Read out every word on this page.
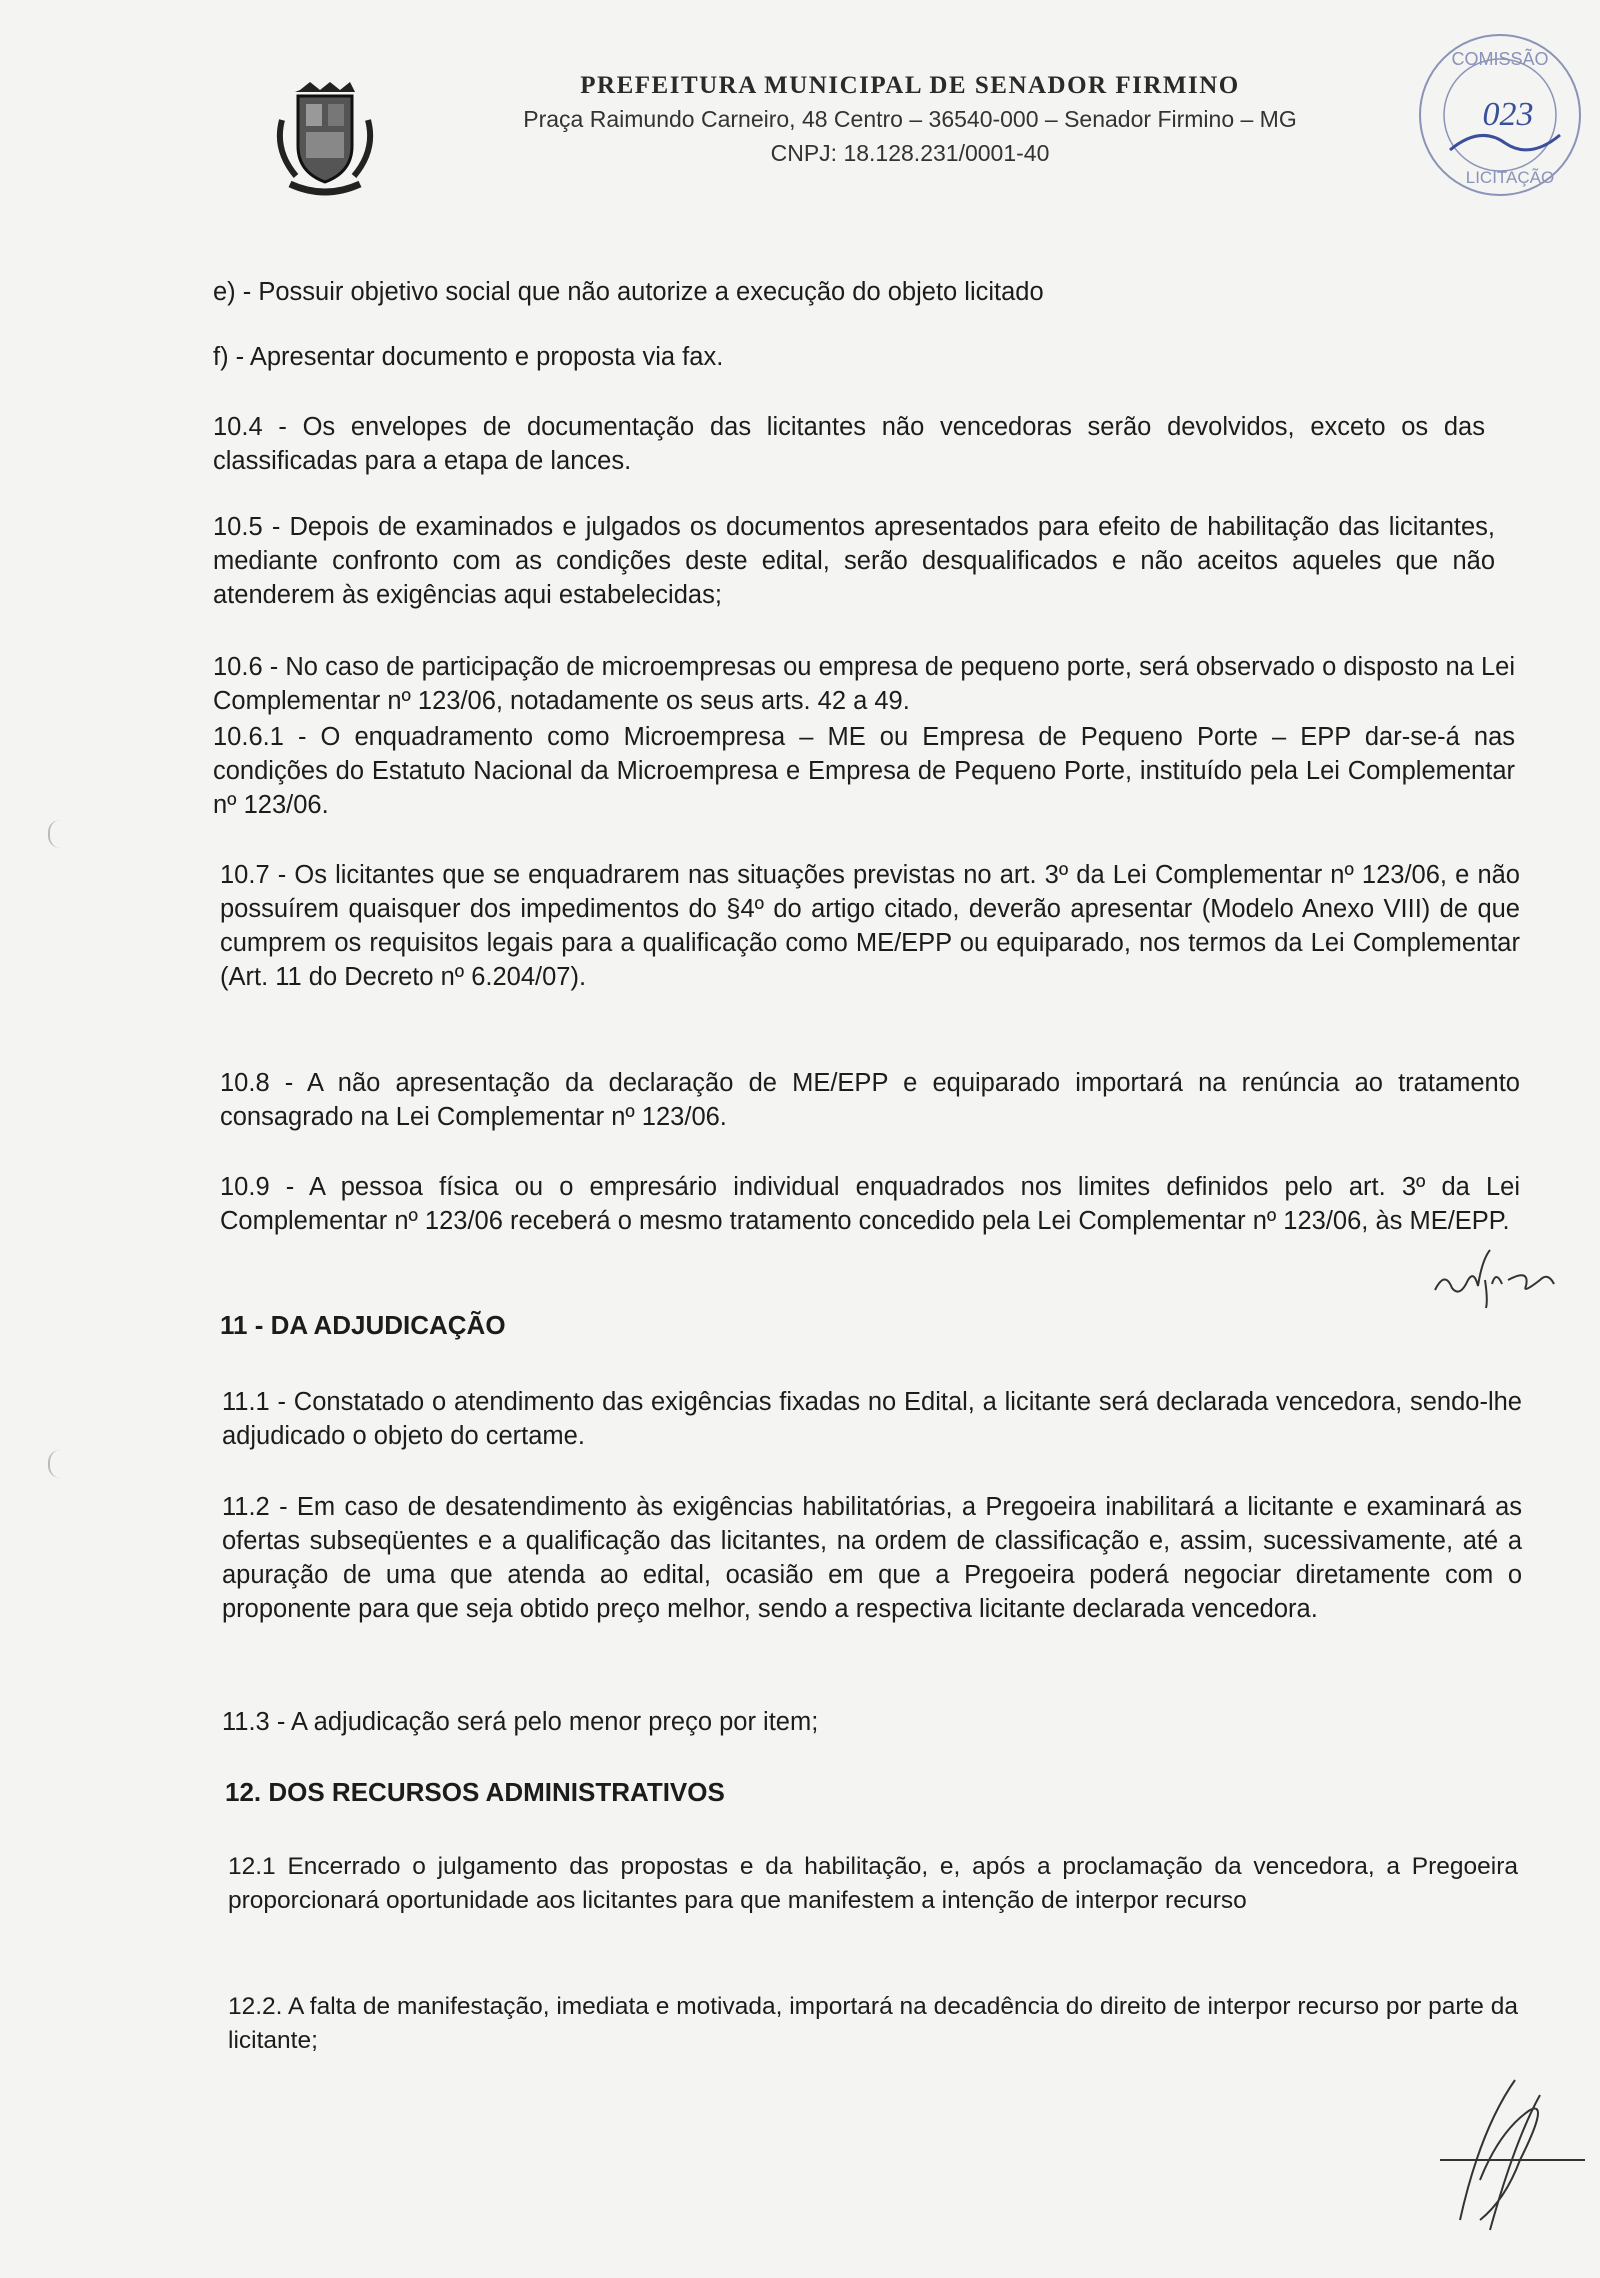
PREFEITURA MUNICIPAL DE SENADOR FIRMINO

Praça Raimundo Carneiro, 48 Centro – 36540-000 – Senador Firmino – MG

CNPJ: 18.128.231/0001-40

COMISSÃO
023
LICITAÇÃO

e) - Possuir objetivo social que não autorize a execução do objeto licitado

f) - Apresentar documento e proposta via fax.

10.4 - Os envelopes de documentação das licitantes não vencedoras serão devolvidos, exceto os das classificadas para a etapa de lances.

10.5 - Depois de examinados e julgados os documentos apresentados para efeito de habilitação das licitantes, mediante confronto com as condições deste edital, serão desqualificados e não aceitos aqueles que não atenderem às exigências aqui estabelecidas;

10.6 - No caso de participação de microempresas ou empresa de pequeno porte, será observado o disposto na Lei Complementar nº 123/06, notadamente os seus arts. 42 a 49.

10.6.1 - O enquadramento como Microempresa – ME ou Empresa de Pequeno Porte – EPP dar-se-á nas condições do Estatuto Nacional da Microempresa e Empresa de Pequeno Porte, instituído pela Lei Complementar nº 123/06.

10.7 - Os licitantes que se enquadrarem nas situações previstas no art. 3º da Lei Complementar nº 123/06, e não possuírem quaisquer dos impedimentos do §4º do artigo citado, deverão apresentar (Modelo Anexo VIII) de que cumprem os requisitos legais para a qualificação como ME/EPP ou equiparado, nos termos da Lei Complementar (Art. 11 do Decreto nº 6.204/07).

10.8 - A não apresentação da declaração de ME/EPP e equiparado importará na renúncia ao tratamento consagrado na Lei Complementar nº 123/06.

10.9 - A pessoa física ou o empresário individual enquadrados nos limites definidos pelo art. 3º da Lei Complementar nº 123/06 receberá o mesmo tratamento concedido pela Lei Complementar nº 123/06, às ME/EPP.

11 - DA ADJUDICAÇÃO

11.1 - Constatado o atendimento das exigências fixadas no Edital, a licitante será declarada vencedora, sendo-lhe adjudicado o objeto do certame.

11.2 - Em caso de desatendimento às exigências habilitatórias, a Pregoeira inabilitará a licitante e examinará as ofertas subseqüentes e a qualificação das licitantes, na ordem de classificação e, assim, sucessivamente, até a apuração de uma que atenda ao edital, ocasião em que a Pregoeira poderá negociar diretamente com o proponente para que seja obtido preço melhor, sendo a respectiva licitante declarada vencedora.

11.3 - A adjudicação será pelo menor preço por item;

12. DOS RECURSOS ADMINISTRATIVOS

12.1 Encerrado o julgamento das propostas e da habilitação, e, após a proclamação da vencedora, a Pregoeira proporcionará oportunidade aos licitantes para que manifestem a intenção de interpor recurso

12.2. A falta de manifestação, imediata e motivada, importará na decadência do direito de interpor recurso por parte da licitante;
